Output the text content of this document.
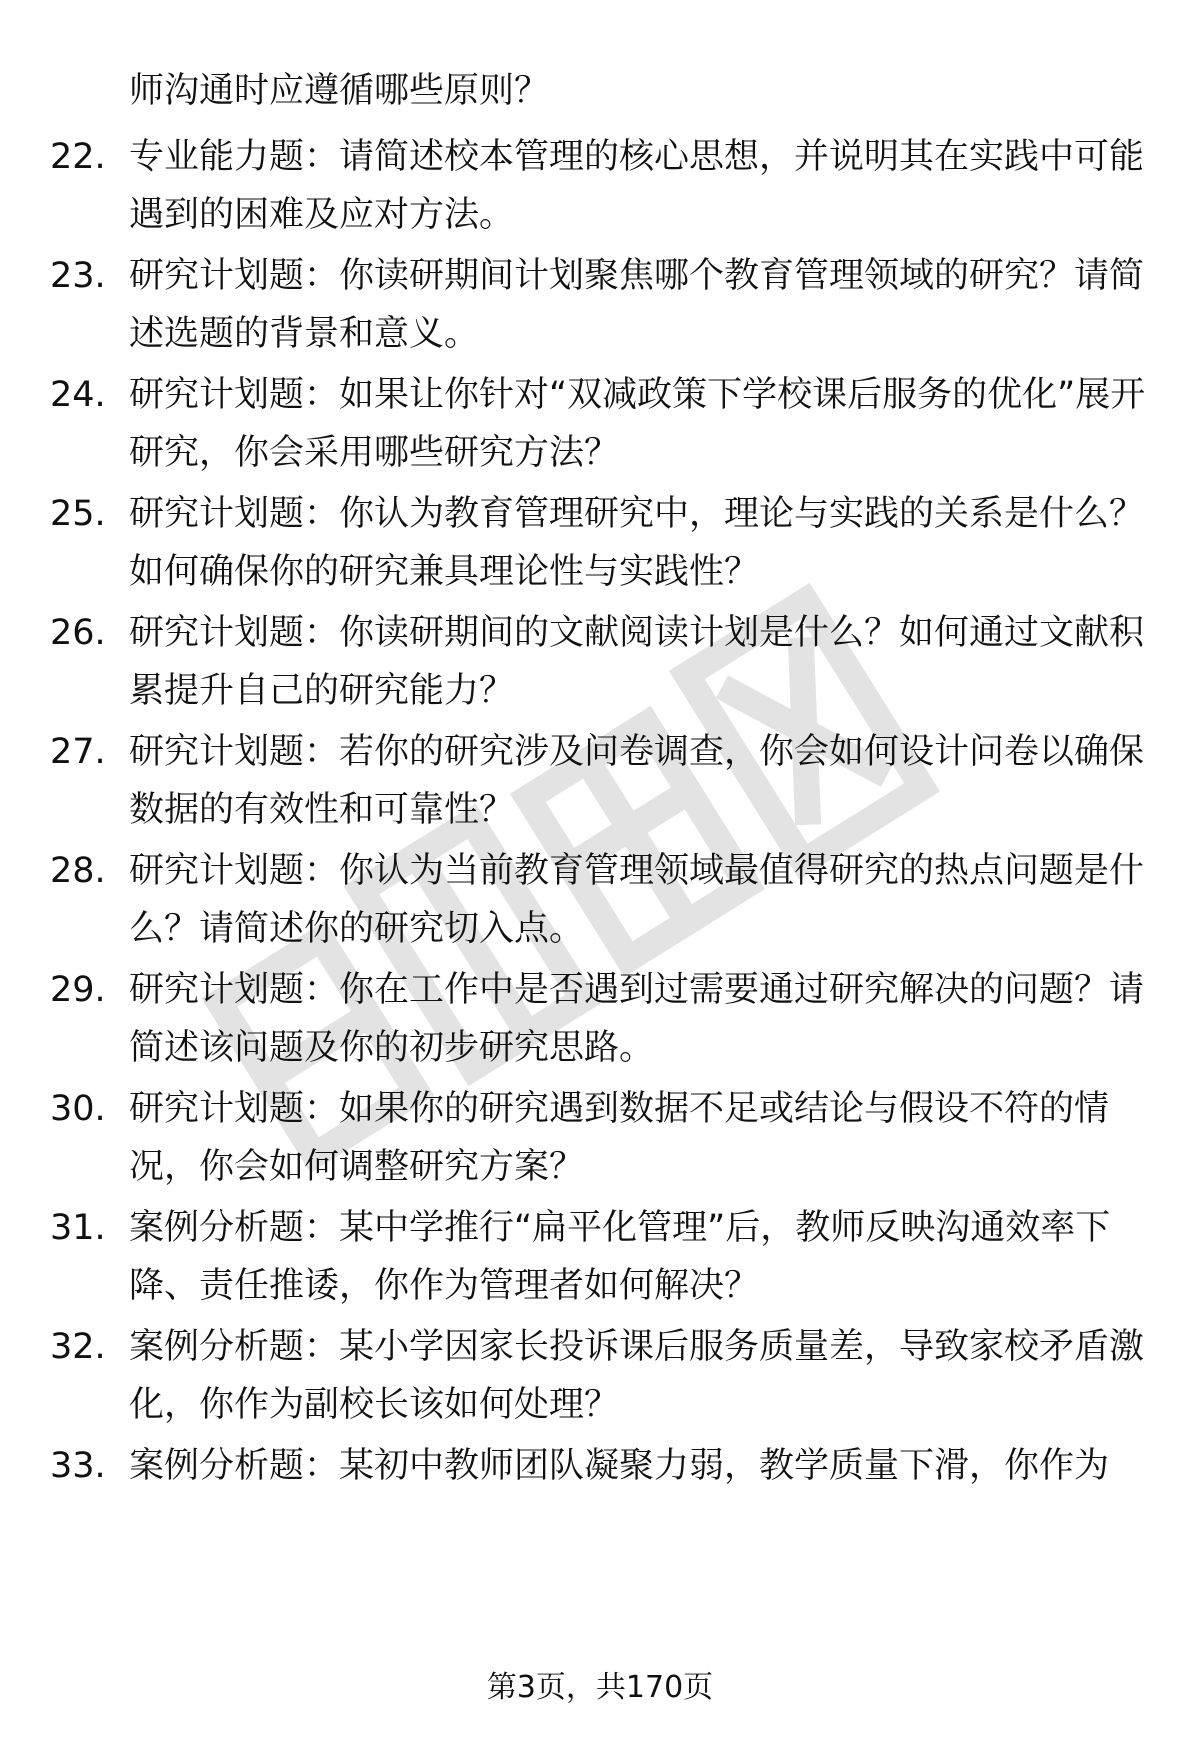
师沟通时应遵循哪些原则？
22. 专业能力题：请简述校本管理的核心思想，并说明其在实践中可能遇到的困难及应对方法。
23. 研究计划题：你读研期间计划聚焦哪个教育管理领域的研究？请简述选题的背景和意义。
24. 研究计划题：如果让你针对“双减政策下学校课后服务的优化”展开研究，你会采用哪些研究方法？
25. 研究计划题：你认为教育管理研究中，理论与实践的关系是什么？如何确保你的研究兼具理论性与实践性？
26. 研究计划题：你读研期间的文献阅读计划是什么？如何通过文献积累提升自己的研究能力？
27. 研究计划题：若你的研究涉及问卷调查，你会如何设计问卷以确保数据的有效性和可靠性？
28. 研究计划题：你认为当前教育管理领域最值得研究的热点问题是什么？请简述你的研究切入点。
29. 研究计划题：你在工作中是否遇到过需要通过研究解决的问题？请简述该问题及你的初步研究思路。
30. 研究计划题：如果你的研究遇到数据不足或结论与假设不符的情况，你会如何调整研究方案？
31. 案例分析题：某中学推行“扁平化管理”后，教师反映沟通效率下降、责任推诿，你作为管理者如何解决？
32. 案例分析题：某小学因家长投诉课后服务质量差，导致家校矛盾激化，你作为副校长该如何处理？
33. 案例分析题：某初中教师团队凝聚力弱，教学质量下滑，你作为
第3页，共170页
